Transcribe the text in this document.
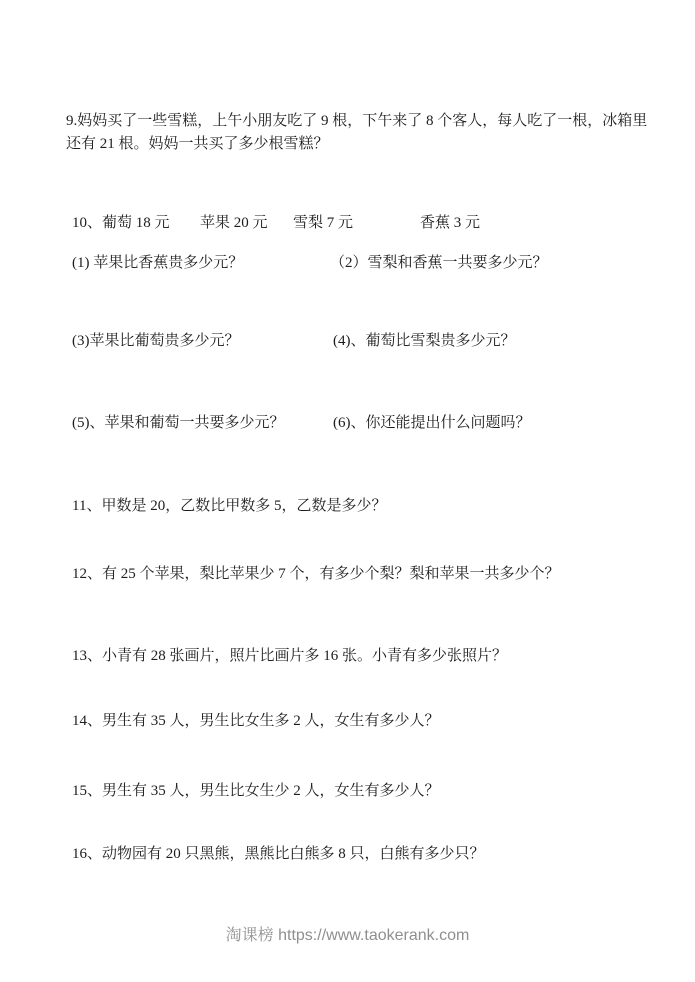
9.妈妈买了一些雪糕，上午小朋友吃了 9 根，下午来了 8 个客人，每人吃了一根，冰箱里
还有 21 根。妈妈一共买了多少根雪糕？
10、葡萄 18 元 苹果 20 元 雪梨 7 元	香蕉 3 元
(1) 苹果比香蕉贵多少元？	（2）雪梨和香蕉一共要多少元？
(3)苹果比葡萄贵多少元？	(4)、葡萄比雪梨贵多少元？
(5)、苹果和葡萄一共要多少元？	(6)、你还能提出什么问题吗？
11、甲数是 20，乙数比甲数多 5，乙数是多少？
12、有 25 个苹果，梨比苹果少 7 个，有多少个梨？梨和苹果一共多少个？
13、小青有 28 张画片，照片比画片多 16 张。小青有多少张照片？
14、男生有 35 人，男生比女生多 2 人，女生有多少人？
15、男生有 35 人，男生比女生少 2 人，女生有多少人？
16、动物园有 20 只黑熊，黑熊比白熊多 8 只，白熊有多少只？
淘课榜 https://www.taokerank.com
